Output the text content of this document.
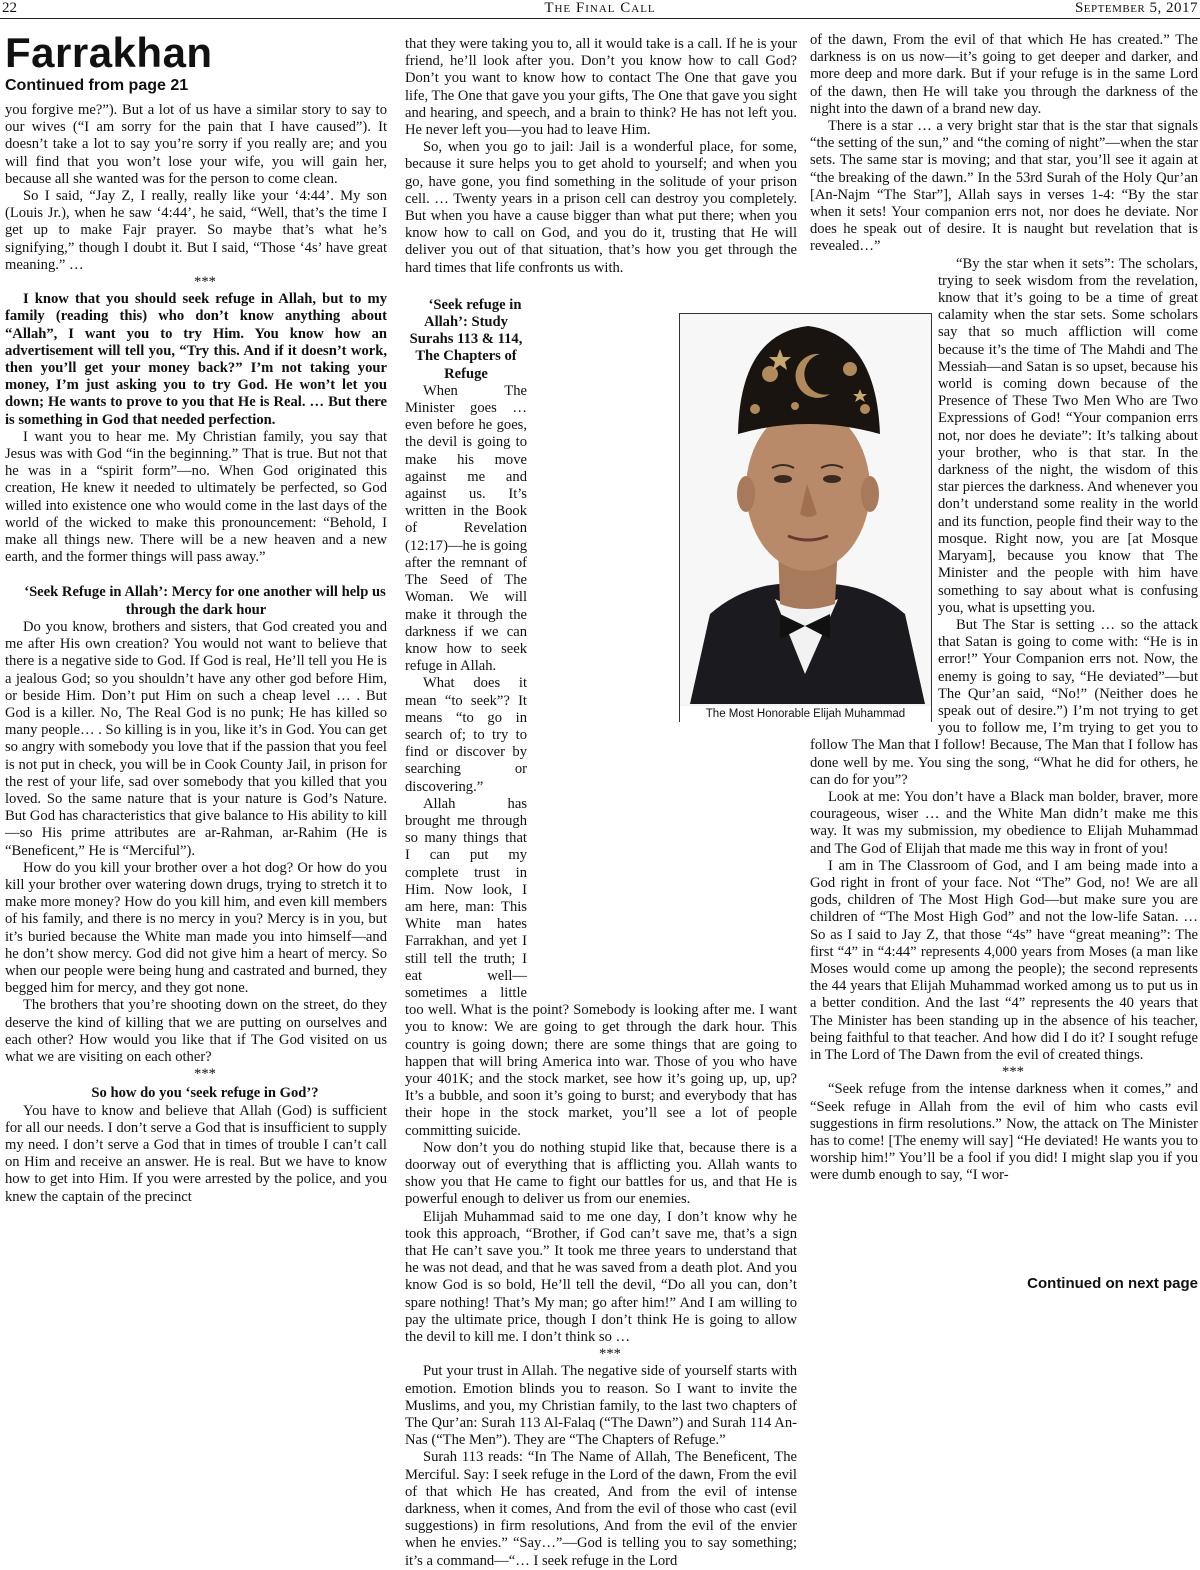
22	The Final Call	September 5, 2017
Farrakhan
Continued from page 21

you forgive me?”). But a lot of us have a similar story to say to our wives (“I am sorry for the pain that I have caused”). It doesn’t take a lot to say you’re sorry if you really are; and you will find that you won’t lose your wife, you will gain her, because all she wanted was for the person to come clean.

So I said, “Jay Z, I really, really like your ‘4:44’. My son (Louis Jr.), when he saw ‘4:44’, he said, “Well, that’s the time I get up to make Fajr prayer. So maybe that’s what he’s signifying,” though I doubt it. But I said, “Those ‘4s’ have great meaning.” …

***

I know that you should seek refuge in Allah, but to my family (reading this) who don’t know anything about “Allah”, I want you to try Him. You know how an advertisement will tell you, “Try this. And if it doesn’t work, then you’ll get your money back?” I’m not taking your money, I’m just asking you to try God. He won’t let you down; He wants to prove to you that He is Real. … But there is something in God that needed perfection.

I want you to hear me. My Christian family, you say that Jesus was with God “in the beginning.” That is true. But not that he was in a “spirit form”—no. When God originated this creation, He knew it needed to ultimately be perfected, so God willed into existence one who would come in the last days of the world of the wicked to make this pronouncement: “Behold, I make all things new. There will be a new heaven and a new earth, and the former things will pass away.”

‘Seek Refuge in Allah’: Mercy for one another will help us through the dark hour

Do you know, brothers and sisters, that God created you and me after His own creation? You would not want to believe that there is a negative side to God. If God is real, He’ll tell you He is a jealous God; so you shouldn’t have any other god before Him, or beside Him. Don’t put Him on such a cheap level … . But God is a killer. No, The Real God is no punk; He has killed so many people… . So killing is in you, like it’s in God. You can get so angry with somebody you love that if the passion that you feel is not put in check, you will be in Cook County Jail, in prison for the rest of your life, sad over somebody that you killed that you loved. So the same nature that is your nature is God’s Nature. But God has characteristics that give balance to His ability to kill—so His prime attributes are ar-Rahman, ar-Rahim (He is “Beneficent,” He is “Merciful”).

How do you kill your brother over a hot dog? Or how do you kill your brother over watering down drugs, trying to stretch it to make more money? How do you kill him, and even kill members of his family, and there is no mercy in you? Mercy is in you, but it’s buried because the White man made you into himself—and he don’t show mercy. God did not give him a heart of mercy. So when our people were being hung and castrated and burned, they begged him for mercy, and they got none.

The brothers that you’re shooting down on the street, do they deserve the kind of killing that we are putting on ourselves and each other? How would you like that if The God visited on us what we are visiting on each other?

***

So how do you ‘seek refuge in God’?

You have to know and believe that Allah (God) is sufficient for all our needs. I don’t serve a God that is insufficient to supply my need. I don’t serve a God that in times of trouble I can’t call on Him and receive an answer. He is real. But we have to know how to get into Him. If you were arrested by the police, and you knew the captain of the precinct

that they were taking you to, all it would take is a call. If he is your friend, he’ll look after you. Don’t you know how to call God? Don’t you want to know how to contact The One that gave you life, The One that gave you your gifts, The One that gave you sight and hearing, and speech, and a brain to think? He has not left you. He never left you—you had to leave Him.

So, when you go to jail: Jail is a wonderful place, for some, because it sure helps you to get ahold to yourself; and when you go, have gone, you find something in the solitude of your prison cell. … Twenty years in a prison cell can destroy you completely. But when you have a cause bigger than what put there; when you know how to call on God, and you do it, trusting that He will deliver you out of that situation, that’s how you get through the hard times that life confronts us with.

‘Seek refuge in Allah’: Study Surahs 113 & 114, The Chapters of Refuge

When The Minister goes … even before he goes, the devil is going to make his move against me and against us. It’s written in the Book of Revelation (12:17)—he is going after the remnant of The Seed of The Woman. We will make it through the darkness if we can know how to seek refuge in Allah.

What does it mean “to seek”? It means “to go in search of; to try to find or discover by searching or discovering.”

Allah has brought me through so many things that I can put my complete trust in Him. Now look, I am here, man: This White man hates Farrakhan, and yet I still tell the truth; I eat well—sometimes a little too well. What is the point? Somebody is looking after me. I want you to know: We are going to get through the dark hour. This country is going down; there are some things that are going to happen that will bring America into war. Those of you who have your 401K; and the stock market, see how it’s going up, up, up? It’s a bubble, and soon it’s going to burst; and everybody that has their hope in the stock market, you’ll see a lot of people committing suicide.

Now don’t you do nothing stupid like that, because there is a doorway out of everything that is afflicting you. Allah wants to show you that He came to fight our battles for us, and that He is powerful enough to deliver us from our enemies.

Elijah Muhammad said to me one day, I don’t know why he took this approach, “Brother, if God can’t save me, that’s a sign that He can’t save you.” It took me three years to understand that he was not dead, and that he was saved from a death plot. And you know God is so bold, He’ll tell the devil, “Do all you can, don’t spare nothing! That’s My man; go after him!” And I am willing to pay the ultimate price, though I don’t think He is going to allow the devil to kill me. I don’t think so …

***

Put your trust in Allah. The negative side of yourself starts with emotion. Emotion blinds you to reason. So I want to invite the Muslims, and you, my Christian family, to the last two chapters of The Qur’an: Surah 113 Al-Falaq (“The Dawn”) and Surah 114 An-Nas (“The Men”). They are “The Chapters of Refuge.”

Surah 113 reads: “In The Name of Allah, The Beneficent, The Merciful. Say: I seek refuge in the Lord of the dawn, From the evil of that which He has created, And from the evil of intense darkness, when it comes, And from the evil of those who cast (evil suggestions) in firm resolutions, And from the evil of the envier when he envies.” “Say…”—God is telling you to say something; it’s a command—“… I seek refuge in the Lord

of the dawn, From the evil of that which He has created.” The darkness is on us now—it’s going to get deeper and darker, and more deep and more dark. But if your refuge is in the same Lord of the dawn, then He will take you through the darkness of the night into the dawn of a brand new day.

There is a star … a very bright star that is the star that signals “the setting of the sun,” and “the coming of night”—when the star sets. The same star is moving; and that star, you’ll see it again at “the breaking of the dawn.” In the 53rd Surah of the Holy Qur’an [An-Najm “The Star”], Allah says in verses 1-4: “By the star when it sets! Your companion errs not, nor does he deviate. Nor does he speak out of desire. It is naught but revelation that is revealed…”

“By the star when it sets”: The scholars, trying to seek wisdom from the revelation, know that it’s going to be a time of great calamity when the star sets. Some scholars say that so much affliction will come because it’s the time of The Mahdi and The Messiah—and Satan is so upset, because his world is coming down because of the Presence of These Two Men Who are Two Expressions of God! “Your companion errs not, nor does he deviate”: It’s talking about your brother, who is that star. In the darkness of the night, the wisdom of this star pierces the darkness. And whenever you don’t understand some reality in the world and its function, people find their way to the mosque. Right now, you are [at Mosque Maryam], because you know that The Minister and the people with him have something to say about what is confusing you, what is upsetting you.

But The Star is setting … so the attack that Satan is going to come with: “He is in error!” Your Companion errs not. Now, the enemy is going to say, “He deviated”—but The Qur’an said, “No!” (Neither does he speak out of desire.”) I’m not trying to get you to follow me, I’m trying to get you to follow The Man that I follow! Because, The Man that I follow has done well by me. You sing the song, “What he did for others, he can do for you”?

Look at me: You don’t have a Black man bolder, braver, more courageous, wiser … and the White Man didn’t make me this way. It was my submission, my obedience to Elijah Muhammad and The God of Elijah that made me this way in front of you!

I am in The Classroom of God, and I am being made into a God right in front of your face. Not “The” God, no! We are all gods, children of The Most High God—but make sure you are children of “The Most High God” and not the low-life Satan. … So as I said to Jay Z, that those “4s” have “great meaning”: The first “4” in “4:44” represents 4,000 years from Moses (a man like Moses would come up among the people); the second represents the 44 years that Elijah Muhammad worked among us to put us in a better condition. And the last “4” represents the 40 years that The Minister has been standing up in the absence of his teacher, being faithful to that teacher. And how did I do it? I sought refuge in The Lord of The Dawn from the evil of created things.

***

“Seek refuge from the intense darkness when it comes,” and “Seek refuge in Allah from the evil of him who casts evil suggestions in firm resolutions.” Now, the attack on The Minister has to come! [The enemy will say] “He deviated! He wants you to worship him!” You’ll be a fool if you did! I might slap you if you were dumb enough to say, “I wor-

The Most Honorable Elijah Muhammad
Continued on next page
